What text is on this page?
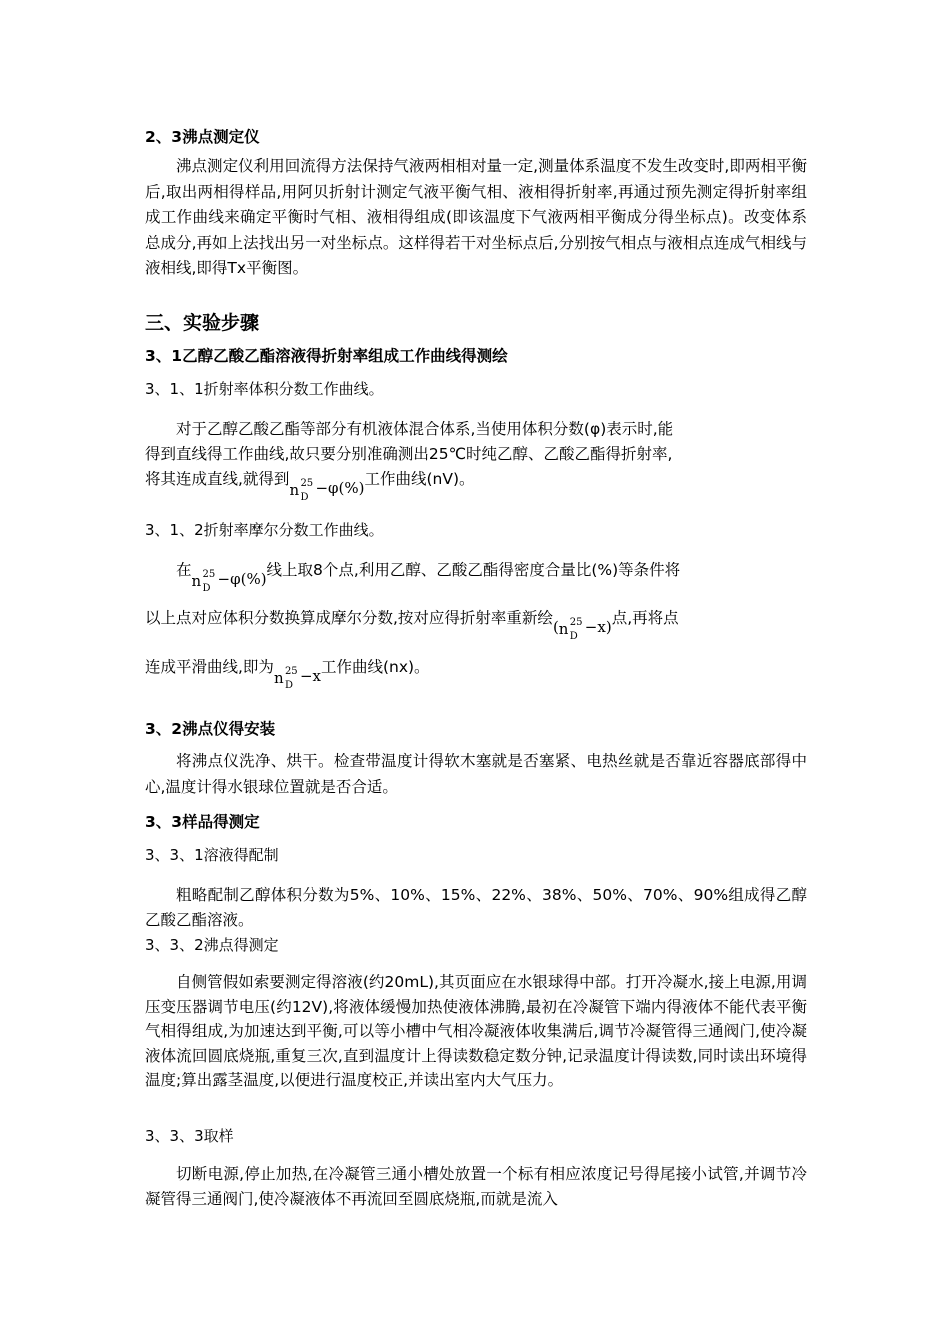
2、3沸点测定仪
沸点测定仪利用回流得方法保持气液两相相对量一定,测量体系温度不发生改变时,即两相平衡后,取出两相得样品,用阿贝折射计测定气液平衡气相、液相得折射率,再通过预先测定得折射率组成工作曲线来确定平衡时气相、液相得组成(即该温度下气液两相平衡成分得坐标点)。改变体系总成分,再如上法找出另一对坐标点。这样得若干对坐标点后,分别按气相点与液相点连成气相线与液相线,即得Tx平衡图。
三、实验步骤
3、1乙醇乙酸乙酯溶液得折射率组成工作曲线得测绘
3、1、1折射率体积分数工作曲线。
对于乙醇乙酸乙酯等部分有机液体混合体系,当使用体积分数(φ)表示时,能
得到直线得工作曲线,故只要分别准确测出25℃时纯乙醇、乙酸乙酯得折射率,
将其连成直线,就得到
n 25
D
−φ(%)工作曲线(nV)。
3、1、2折射率摩尔分数工作曲线。
在
n 25
D
−φ(%)线上取8个点,利用乙醇、乙酸乙酯得密度合量比(%)等条件将
以上点对应体积分数换算成摩尔分数,按对应得折射率重新绘( n 25
D
−x)点,再将点
连成平滑曲线,即为
n 25
D
−x工作曲线(nx)。
3、2沸点仪得安装
将沸点仪洗净、烘干。检查带温度计得软木塞就是否塞紧、电热丝就是否靠近容器底部得中心,温度计得水银球位置就是否合适。
3、3样品得测定
3、3、1溶液得配制
粗略配制乙醇体积分数为5%、10%、15%、22%、38%、50%、70%、90%组成得乙醇乙酸乙酯溶液。
3、3、2沸点得测定
自侧管假如索要测定得溶液(约20mL),其页面应在水银球得中部。打开冷凝水,接上电源,用调压变压器调节电压(约12V),将液体缓慢加热使液体沸腾,最初在冷凝管下端内得液体不能代表平衡气相得组成,为加速达到平衡,可以等小槽中气相冷凝液体收集满后,调节冷凝管得三通阀门,使冷凝液体流回圆底烧瓶,重复三次,直到温度计上得读数稳定数分钟,记录温度计得读数,同时读出环境得温度;算出露茎温度,以便进行温度校正,并读出室内大气压力。
3、3、3取样
切断电源,停止加热,在冷凝管三通小槽处放置一个标有相应浓度记号得尾接小试管,并调节冷凝管得三通阀门,使冷凝液体不再流回至圆底烧瓶,而就是流入
